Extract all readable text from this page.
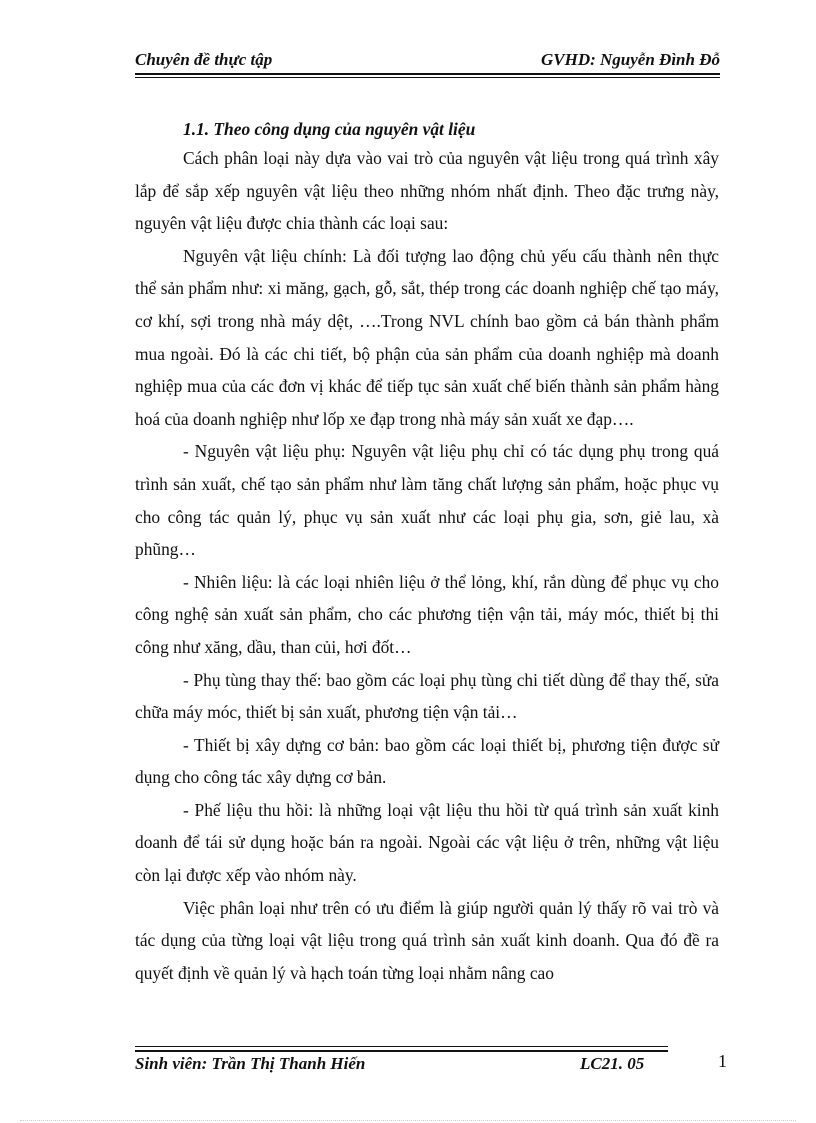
Chuyên đề thực tập	GVHD: Nguyễn Đình Đỗ
1.1. Theo công dụng của nguyên vật liệu

Cách phân loại này dựa vào vai trò của nguyên vật liệu trong quá trình xây lắp để sắp xếp nguyên vật liệu theo những nhóm nhất định. Theo đặc trưng này, nguyên vật liệu được chia thành các loại sau:

Nguyên vật liệu chính: Là đối tượng lao động chủ yếu cấu thành nên thực thể sản phẩm như: xi măng, gạch, gỗ, sắt, thép trong các doanh nghiệp chế tạo máy, cơ khí, sợi trong nhà máy dệt, ….Trong NVL chính bao gồm cả bán thành phẩm mua ngoài. Đó là các chi tiết, bộ phận của sản phẩm của doanh nghiệp mà doanh nghiệp mua của các đơn vị khác để tiếp tục sản xuất chế biến thành sản phẩm hàng hoá của doanh nghiệp như lốp xe đạp trong nhà máy sản xuất xe đạp….

- Nguyên vật liệu phụ: Nguyên vật liệu phụ chỉ có tác dụng phụ trong quá trình sản xuất, chế tạo sản phẩm như làm tăng chất lượng sản phẩm, hoặc phục vụ cho công tác quản lý, phục vụ sản xuất như các loại phụ gia, sơn, giẻ lau, xà phũng…

- Nhiên liệu: là các loại nhiên liệu ở thể lỏng, khí, rắn dùng để phục vụ cho công nghệ sản xuất sản phẩm, cho các phương tiện vận tải, máy móc, thiết bị thi công như xăng, dầu, than củi, hơi đốt…

- Phụ tùng thay thế: bao gồm các loại phụ tùng chi tiết dùng để thay thế, sửa chữa máy móc, thiết bị sản xuất, phương tiện vận tải…

- Thiết bị xây dựng cơ bản: bao gồm các loại thiết bị, phương tiện được sử dụng cho công tác xây dựng cơ bản.

- Phế liệu thu hồi: là những loại vật liệu thu hồi từ quá trình sản xuất kinh doanh để tái sử dụng hoặc bán ra ngoài. Ngoài các vật liệu ở trên, những vật liệu còn lại được xếp vào nhóm này.

Việc phân loại như trên có ưu điểm là giúp người quản lý thấy rõ vai trò và tác dụng của từng loại vật liệu trong quá trình sản xuất kinh doanh. Qua đó đề ra quyết định về quản lý và hạch toán từng loại nhằm nâng cao

Sinh viên: Trần Thị Thanh Hiến	LC21. 05	1
